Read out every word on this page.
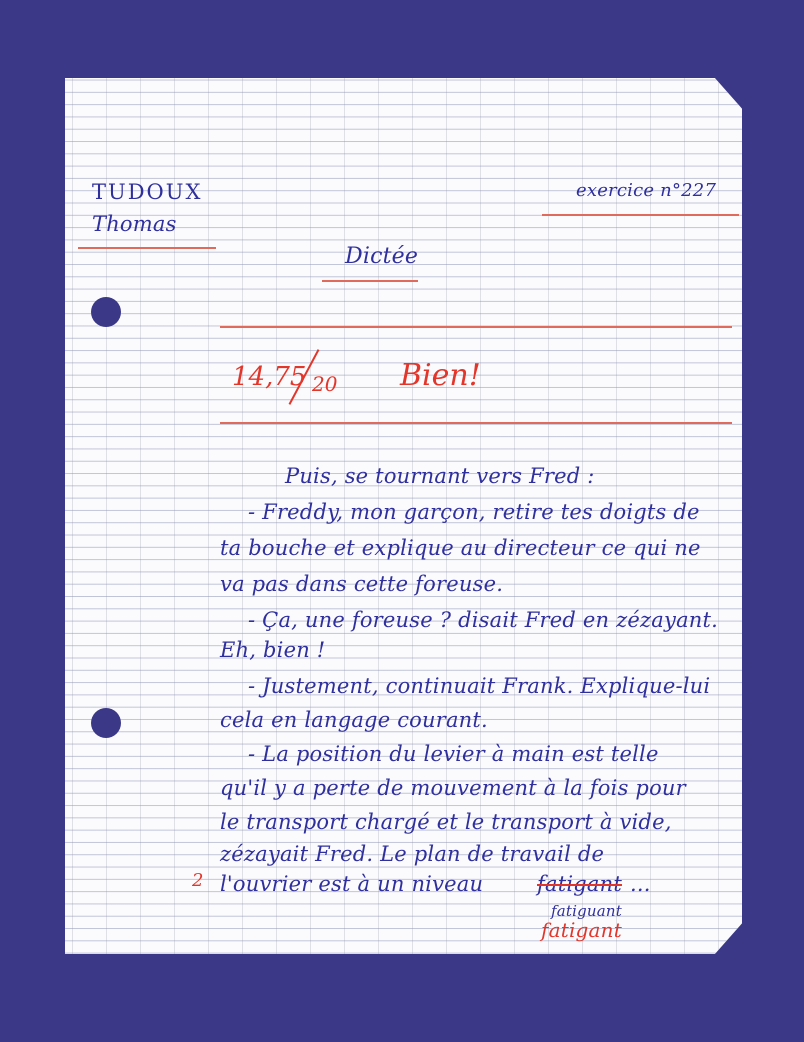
TUDOUX
Thomas
exercice n°227
Dictée
14,75 20 Bien!
Puis, se tournant vers Fred :
- Freddy, mon garçon, retire tes doigts de
ta bouche et explique au directeur ce qui ne
va pas dans cette foreuse.
- Ça, une foreuse ? disait Fred en zézayant.
Eh, bien !
- Justement, continuait Frank. Explique-lui
cela en langage courant.
- La position du levier à main est telle
qu'il y a perte de mouvement à la fois pour
le transport chargé et le transport à vide,
zézayait Fred. Le plan de travail de
l'ouvrier est à un niveau	fatigant ...
2
fatiguant
fatigant
